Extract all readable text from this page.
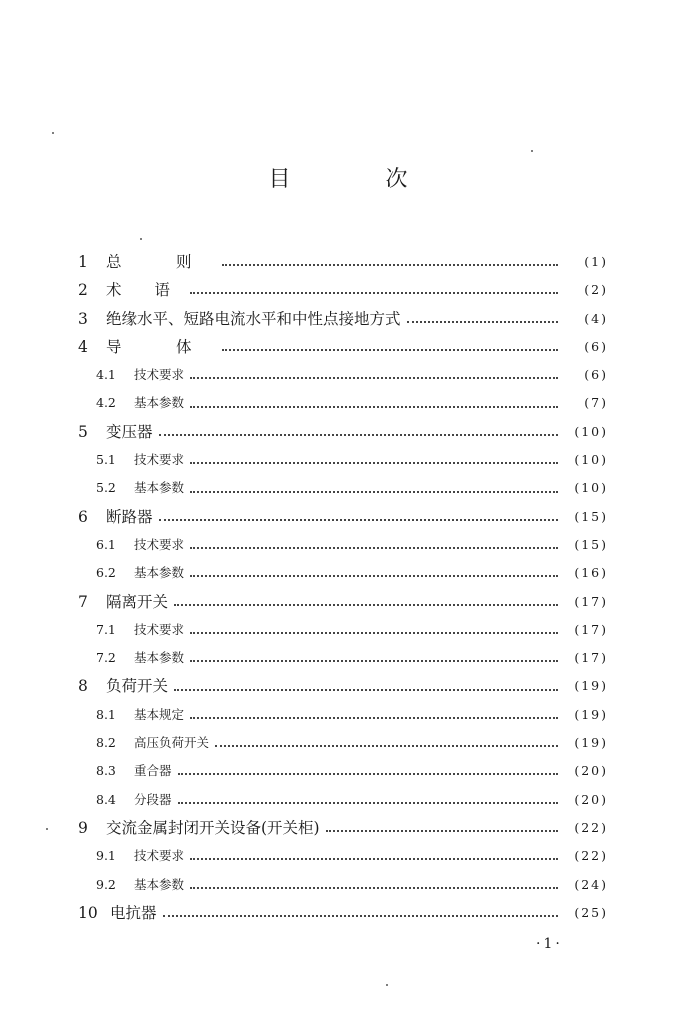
目 次
1	总 则	(1)
2	术 语	(2)
3	绝缘水平、短路电流水平和中性点接地方式	(4)
4	导 体	(6)
4.1	技术要求	(6)
4.2	基本参数	(7)
5	变压器	(10)
5.1	技术要求	(10)
5.2	基本参数	(10)
6	断路器	(15)
6.1	技术要求	(15)
6.2	基本参数	(16)
7	隔离开关	(17)
7.1	技术要求	(17)
7.2	基本参数	(17)
8	负荷开关	(19)
8.1	基本规定	(19)
8.2	高压负荷开关	(19)
8.3	重合器	(20)
8.4	分段器	(20)
9	交流金属封闭开关设备(开关柜)	(22)
9.1	技术要求	(22)
9.2	基本参数	(24)
10 电抗器	(25)
·1·
